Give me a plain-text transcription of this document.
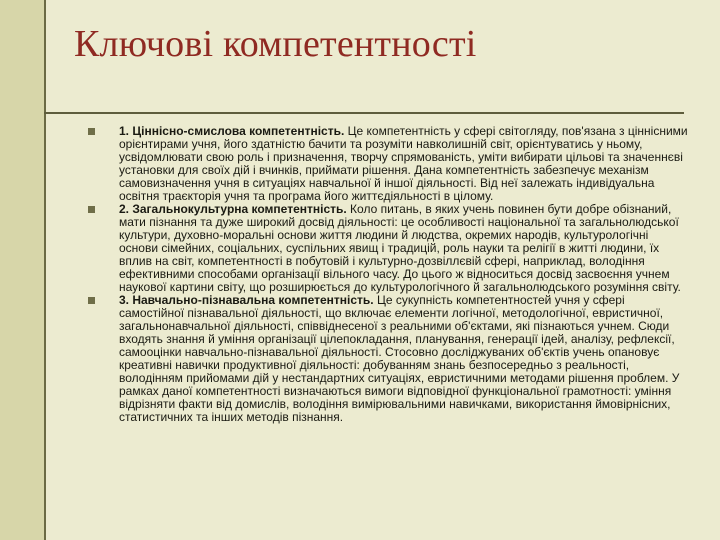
Ключові компетентності
1. Ціннісно-смислова компетентність. Це компетентність у сфері світогляду, пов'язана з ціннісними орієнтирами учня, його здатністю бачити та розуміти навколишній світ, орієнтуватись у ньому, усвідомлювати свою роль і призначення, творчу спрямованість, уміти вибирати цільові та значеннєві установки для своїх дій і вчинків, приймати рішення. Дана компетентність забезпечує механізм самовизначення учня в ситуаціях навчальної й іншої діяльності. Від неї залежать індивідуальна освітня траєкторія учня та програма його життєдіяльності в цілому.
2. Загальнокультурна компетентність. Коло питань, в яких учень повинен бути добре обізнаний, мати пізнання та дуже широкий досвід діяльності: це особливості національної та загальнолюдської культури, духовно-моральні основи життя людини й людства, окремих народів, культурологічні основи сімейних, соціальних, суспільних явищ і традицій, роль науки та релігії в житті людини, їх вплив на світ, компетентності в побутовій і культурно-дозвіллєвій сфері, наприклад, володіння ефективними способами організації вільного часу. До цього ж відноситься досвід засвоєння учнем наукової картини світу, що розширюється до культурологічного й загальнолюдського розуміння світу.
3. Навчально-пізнавальна компетентність. Це сукупність компетентностей учня у сфері самостійної пізнавальної діяльності, що включає елементи логічної, методологічної, евристичної, загальнонавчальної діяльності, співвіднесеної з реальними об'єктами, які пізнаються учнем. Сюди входять знання й уміння організації цілепокладання, планування, генерації ідей, аналізу, рефлексії, самооцінки навчально-пізнавальної діяльності. Стосовно досліджуваних об'єктів учень опановує креативні навички продуктивної діяльності: добуванням знань безпосередньо з реальності, володінням прийомами дій у нестандартних ситуаціях, евристичними методами рішення проблем. У рамках даної компетентності визначаються вимоги відповідної функціональної грамотності: уміння відрізняти факти від домислів, володіння вимірювальними навичками, використання ймовірнісних, статистичних та інших методів пізнання.
